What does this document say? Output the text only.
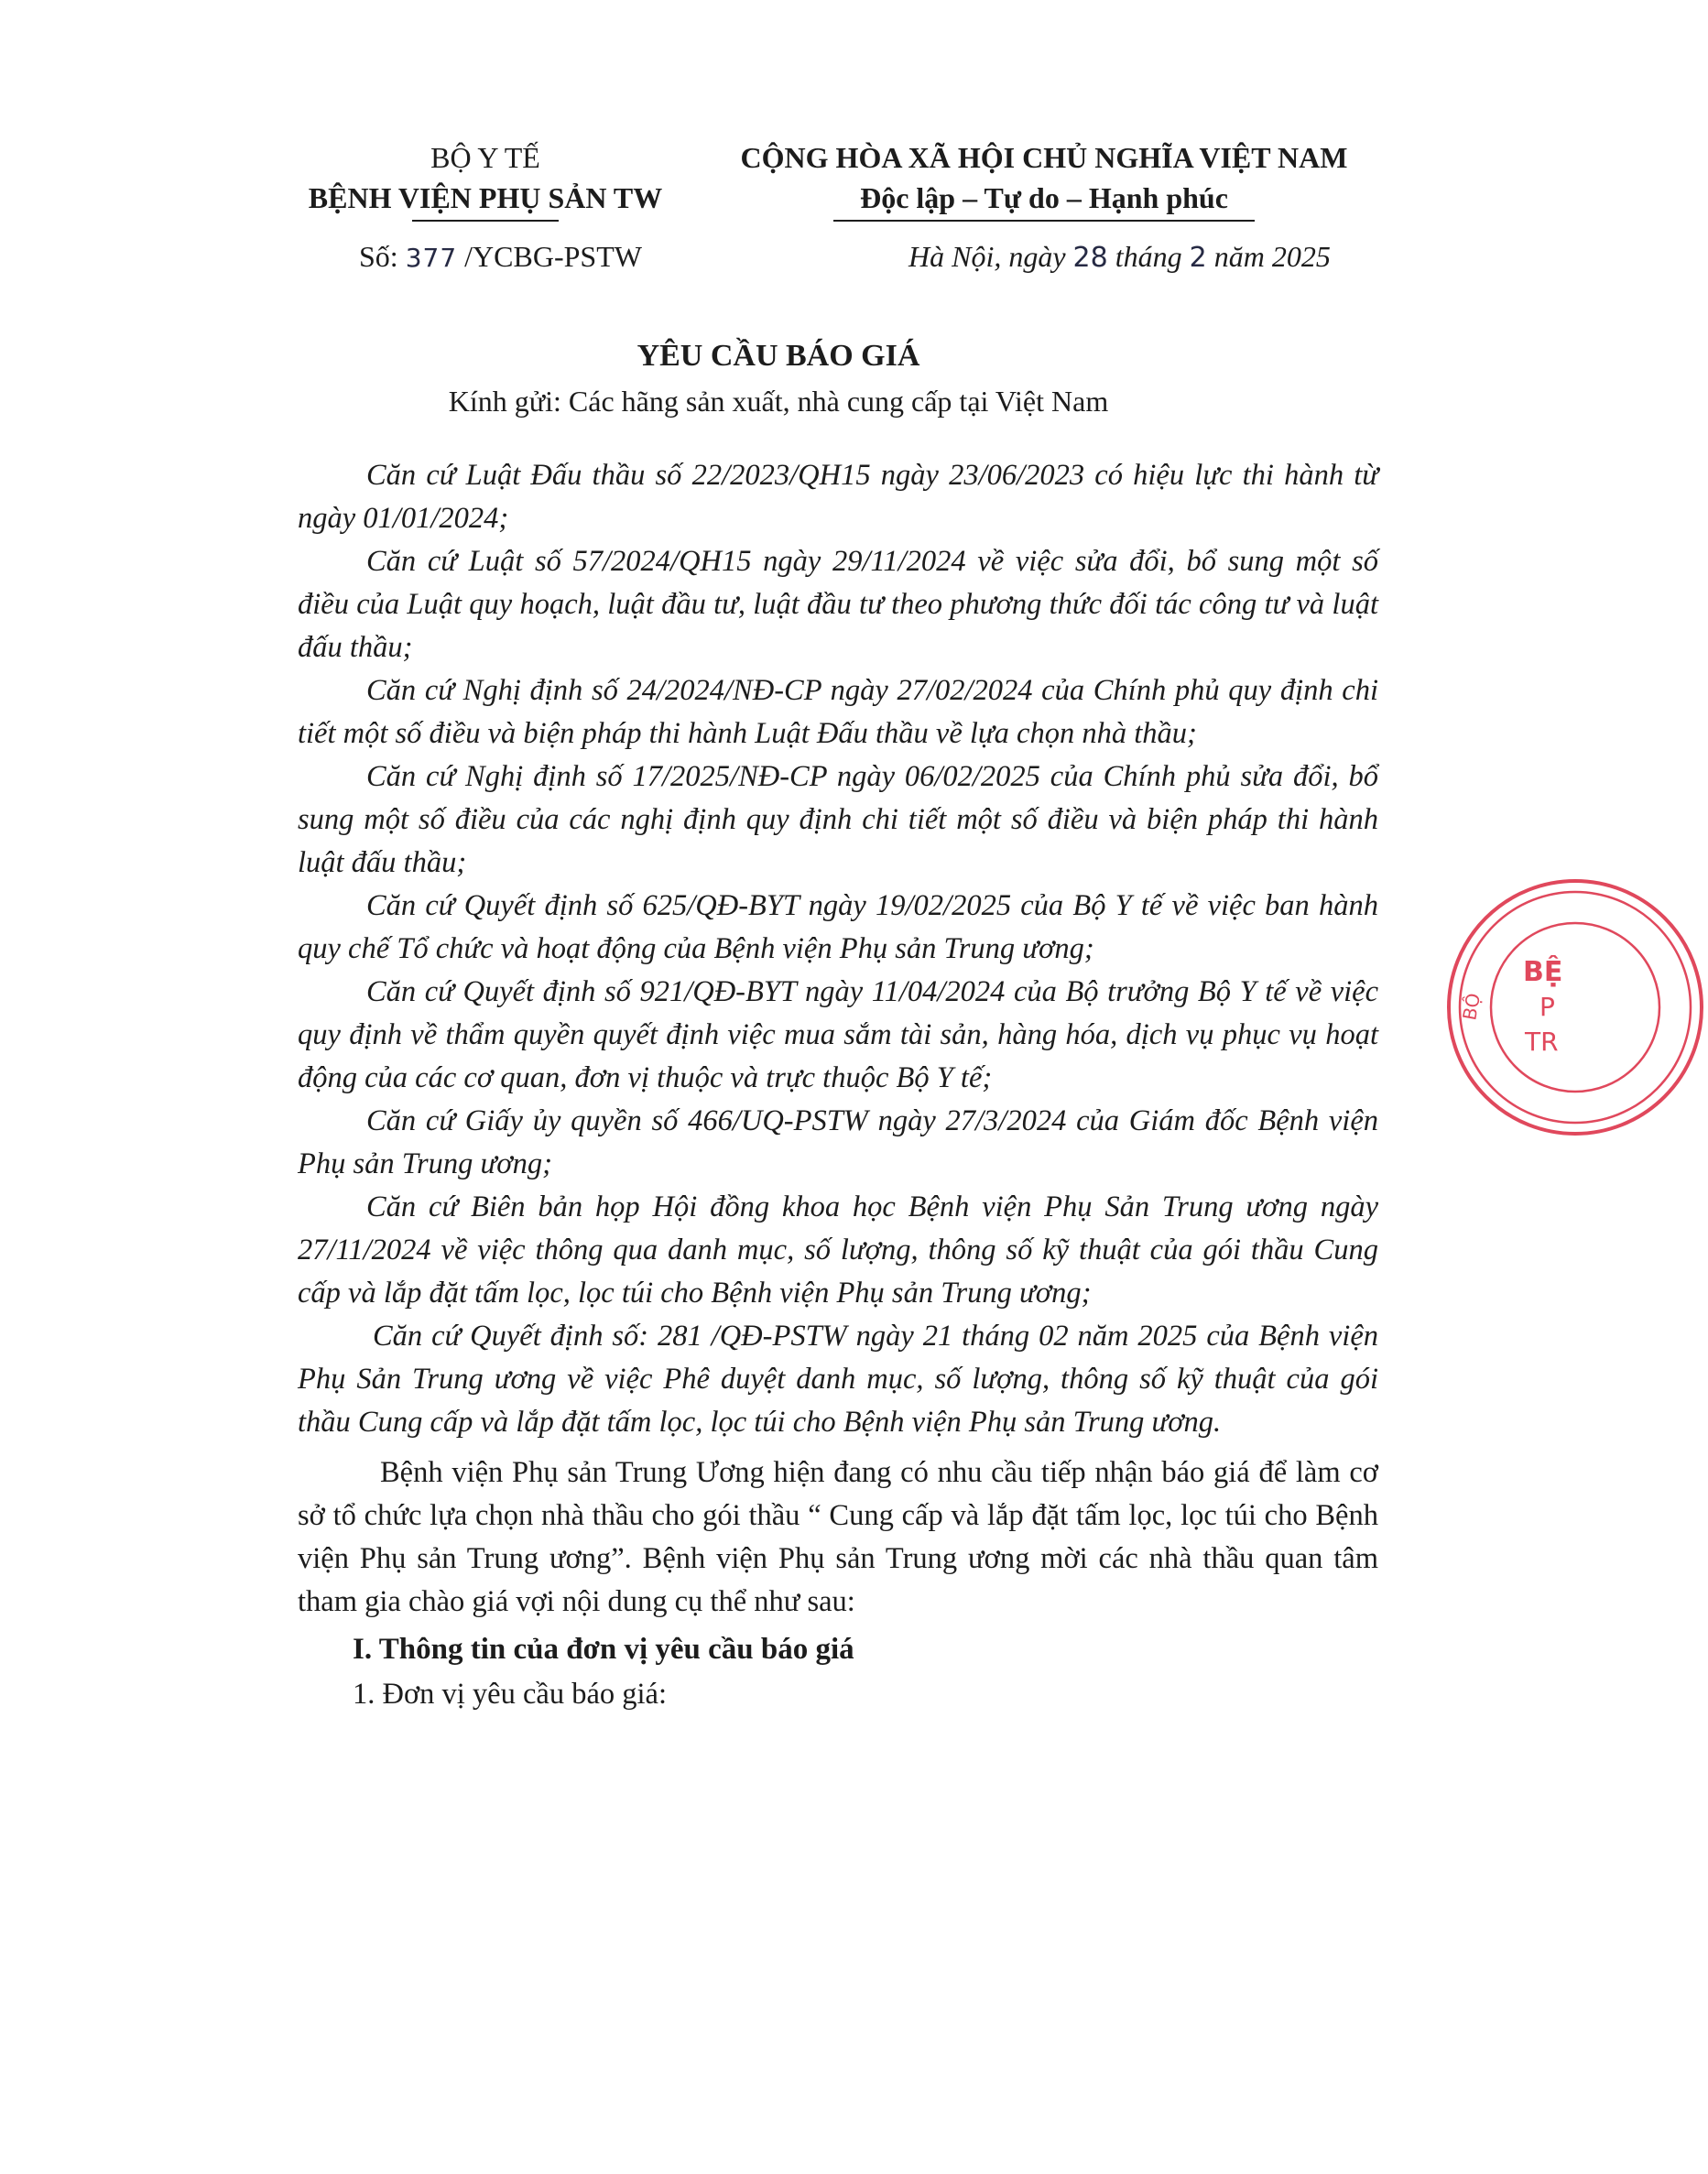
BỘ Y TẾ
BỆNH VIỆN PHỤ SẢN TW
CỘNG HÒA XÃ HỘI CHỦ NGHĨA VIỆT NAM
Độc lập – Tự do – Hạnh phúc
Số: 377 /YCBG-PSTW	Hà Nội, ngày 28 tháng 2 năm 2025
YÊU CẦU BÁO GIÁ
Kính gửi: Các hãng sản xuất, nhà cung cấp tại Việt Nam

Căn cứ Luật Đấu thầu số 22/2023/QH15 ngày 23/06/2023 có hiệu lực thi hành từ ngày 01/01/2024;

Căn cứ Luật số 57/2024/QH15 ngày 29/11/2024 về việc sửa đổi, bổ sung một số điều của Luật quy hoạch, luật đầu tư, luật đầu tư theo phương thức đối tác công tư và luật đấu thầu;

Căn cứ Nghị định số 24/2024/NĐ-CP ngày 27/02/2024 của Chính phủ quy định chi tiết một số điều và biện pháp thi hành Luật Đấu thầu về lựa chọn nhà thầu;

Căn cứ Nghị định số 17/2025/NĐ-CP ngày 06/02/2025 của Chính phủ sửa đổi, bổ sung một số điều của các nghị định quy định chi tiết một số điều và biện pháp thi hành luật đấu thầu;

Căn cứ Quyết định số 625/QĐ-BYT ngày 19/02/2025 của Bộ Y tế về việc ban hành quy chế Tổ chức và hoạt động của Bệnh viện Phụ sản Trung ương;

Căn cứ Quyết định số 921/QĐ-BYT ngày 11/04/2024 của Bộ trưởng Bộ Y tế về việc quy định về thẩm quyền quyết định việc mua sắm tài sản, hàng hóa, dịch vụ phục vụ hoạt động của các cơ quan, đơn vị thuộc và trực thuộc Bộ Y tế;

Căn cứ Giấy ủy quyền số 466/UQ-PSTW ngày 27/3/2024 của Giám đốc Bệnh viện Phụ sản Trung ương;

Căn cứ Biên bản họp Hội đồng khoa học Bệnh viện Phụ Sản Trung ương ngày 27/11/2024 về việc thông qua danh mục, số lượng, thông số kỹ thuật của gói thầu Cung cấp và lắp đặt tấm lọc, lọc túi cho Bệnh viện Phụ sản Trung ương;

Căn cứ Quyết định số: 281 /QĐ-PSTW ngày 21 tháng 02 năm 2025 của Bệnh viện Phụ Sản Trung ương về việc Phê duyệt danh mục, số lượng, thông số kỹ thuật của gói thầu Cung cấp và lắp đặt tấm lọc, lọc túi cho Bệnh viện Phụ sản Trung ương.

Bệnh viện Phụ sản Trung Ương hiện đang có nhu cầu tiếp nhận báo giá để làm cơ sở tổ chức lựa chọn nhà thầu cho gói thầu “ Cung cấp và lắp đặt tấm lọc, lọc túi cho Bệnh viện Phụ sản Trung ương”. Bệnh viện Phụ sản Trung ương mời các nhà thầu quan tâm tham gia chào giá vợi nội dung cụ thể như sau:

I. Thông tin của đơn vị yêu cầu báo giá
1. Đơn vị yêu cầu báo giá:
BỆ
P
TR
BỘ
